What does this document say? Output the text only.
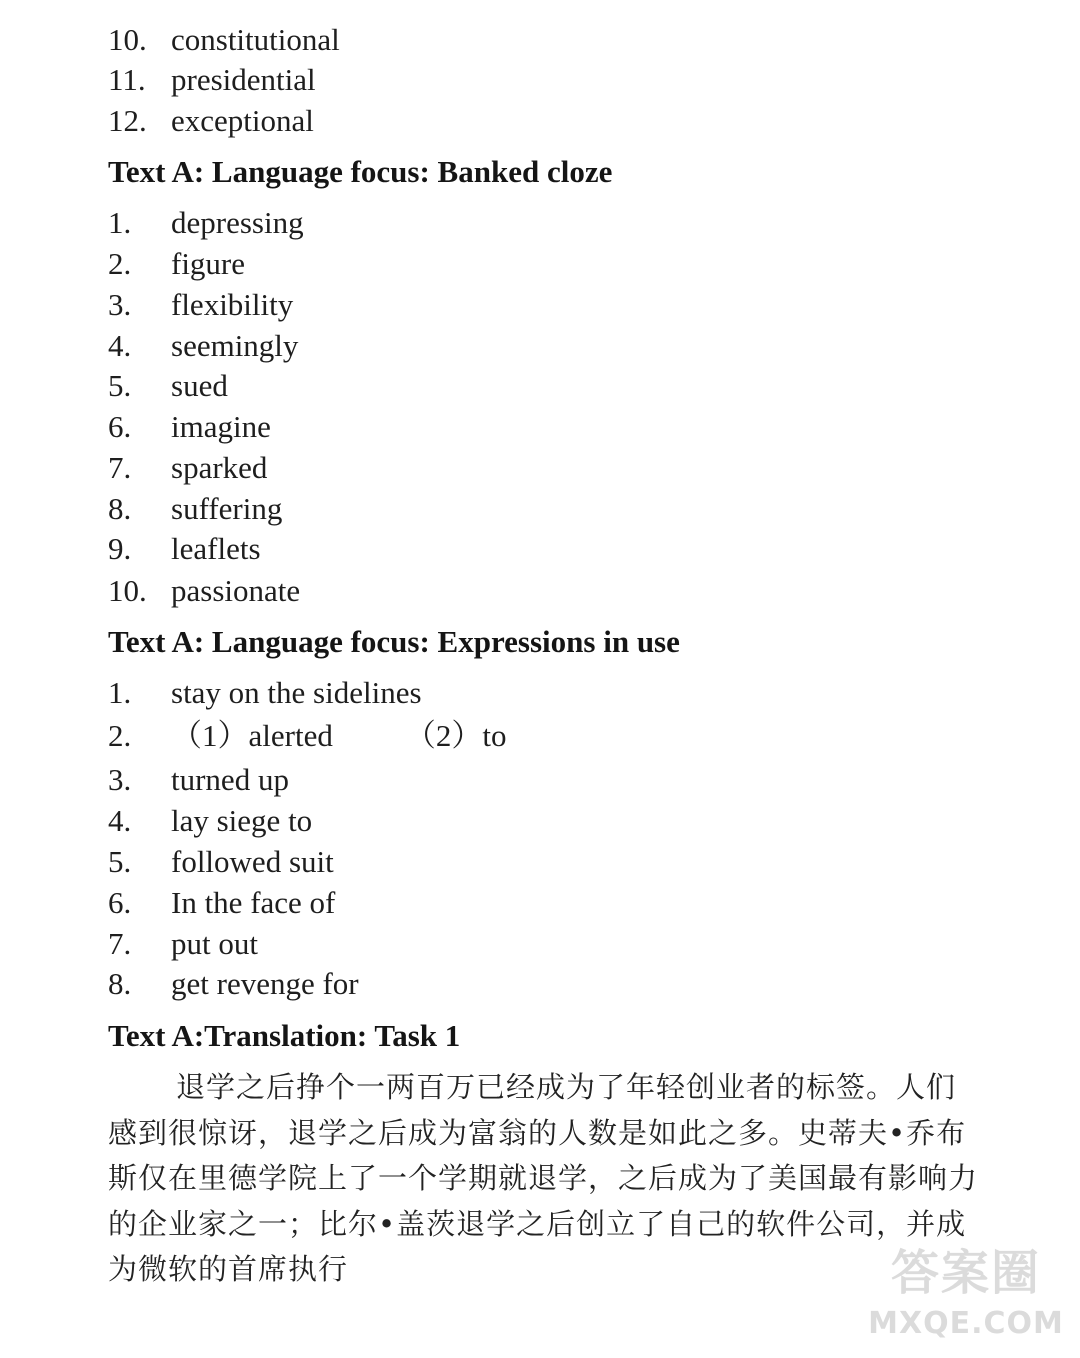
10. constitutional
11. presidential
12. exceptional
Text A: Language focus: Banked cloze
1. depressing
2. figure
3. flexibility
4. seemingly
5. sued
6. imagine
7. sparked
8. suffering
9. leaflets
10. passionate
Text A: Language focus: Expressions in use
1. stay on the sidelines
2. （1）alerted （2）to
3. turned up
4. lay siege to
5. followed suit
6. In the face of
7. put out
8. get revenge for
Text A:Translation: Task 1
退学之后挣个一两百万已经成为了年轻创业者的标签。人们感到很惊讶，退学之后成为富翁的人数是如此之多。史蒂夫•乔布斯仅在里德学院上了一个学期就退学，之后成为了美国最有影响力的企业家之一；比尔•盖茨退学之后创立了自己的软件公司，并成为微软的首席执行	答案圈
MXQE.COM
